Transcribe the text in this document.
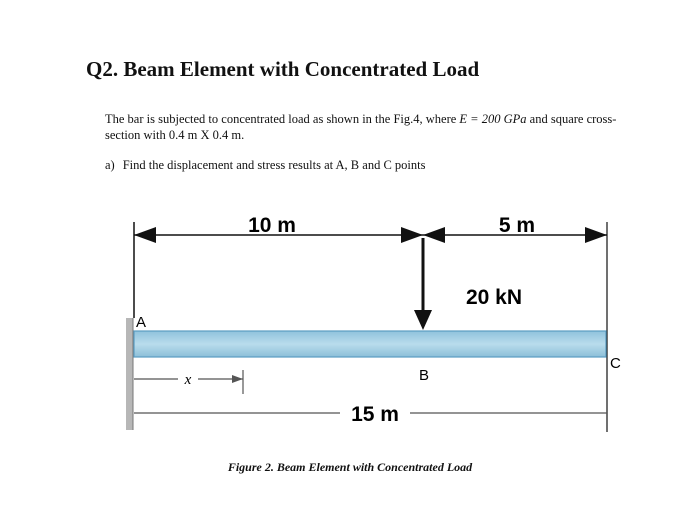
Q2. Beam Element with Concentrated Load
The bar is subjected to concentrated load as shown in the Fig.4, where E = 200 GPa and square cross-section with 0.4 m X 0.4 m.
a) Find the displacement and stress results at A, B and C points
10 m	5 m
20 kN
A
B
C
x
15 m
Figure 2. Beam Element with Concentrated Load
